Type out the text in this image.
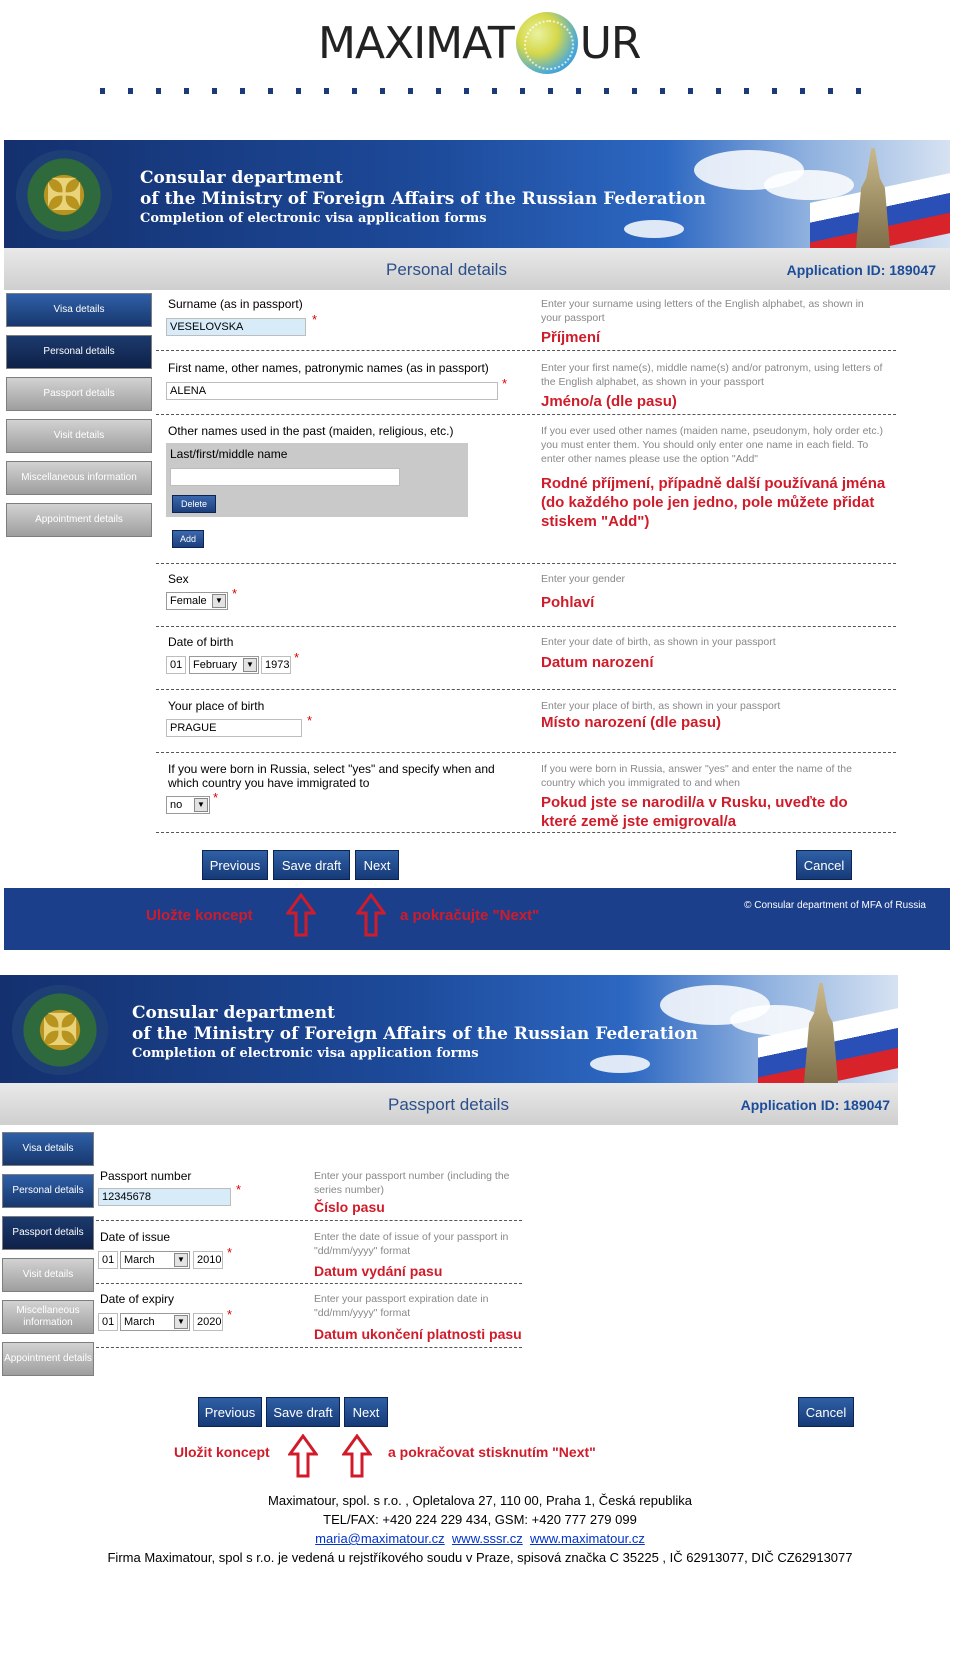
MAXIMAT UR
✠	Consular department
of the Ministry of Foreign Affairs of the Russian Federation
Completion of electronic visa application forms
Personal details	Application ID: 189047
Visa details
Personal details
Passport details
Visit details
Miscellaneous information
Appointment details
Surname (as in passport)
VESELOVSKA	*
Enter your surname using letters of the English alphabet, as shown in your passport
Příjmení
First name, other names, patronymic names (as in passport)
ALENA	*
Enter your first name(s), middle name(s) and/or patronym, using letters of the English alphabet, as shown in your passport
Jméno/a (dle pasu)
Other names used in the past (maiden, religious, etc.)
Last/first/middle name
Delete
Add
If you ever used other names (maiden name, pseudonym, holy order etc.) you must enter them. You should only enter one name in each field. To enter other names please use the option "Add"
Rodné příjmení, případně další používaná jména (do každého pole jen jedno, pole můžete přidat stiskem "Add")
Sex
Female	▼ *
Enter your gender
Pohlaví
Date of birth
01 February	▼	1973 *
Enter your date of birth, as shown in your passport
Datum narození
Your place of birth
PRAGUE	*
Enter your place of birth, as shown in your passport
Místo narození (dle pasu)
If you were born in Russia, select "yes" and specify when and which country you have immigrated to
no	▼ *
If you were born in Russia, answer "yes" and enter the name of the country which you immigrated to and when
Pokud jste se narodil/a v Rusku, uveďte do které země jste emigroval/a
Previous	Save draft	Next	Cancel
© Consular department of MFA of Russia
Uložte koncept	a pokračujte "Next"
✠	Consular department
of the Ministry of Foreign Affairs of the Russian Federation
Completion of electronic visa application forms
Passport details	Application ID: 189047
Visa details
Personal details
Passport details
Visit details
Miscellaneous information
Appointment details
Passport number
12345678	*
Enter your passport number (including the series number)
Číslo pasu
Date of issue
01 March	▼	2010 *
Enter the date of issue of your passport in "dd/mm/yyyy" format
Datum vydání pasu
Date of expiry
01 March	▼	2020 *
Enter your passport expiration date in "dd/mm/yyyy" format
Datum ukončení platnosti pasu
Previous	Save draft	Next	Cancel
Uložit koncept	a pokračovat stisknutím "Next"
Maximatour, spol. s r.o. , Opletalova 27, 110 00, Praha 1, Česká republika
TEL/FAX: +420 224 229 434, GSM: +420 777 279 099
maria@maximatour.cz www.sssr.cz www.maximatour.cz
Firma Maximatour, spol s r.o. je vedená u rejstříkového soudu v Praze, spisová značka C 35225 , IČ 62913077, DIČ CZ62913077
